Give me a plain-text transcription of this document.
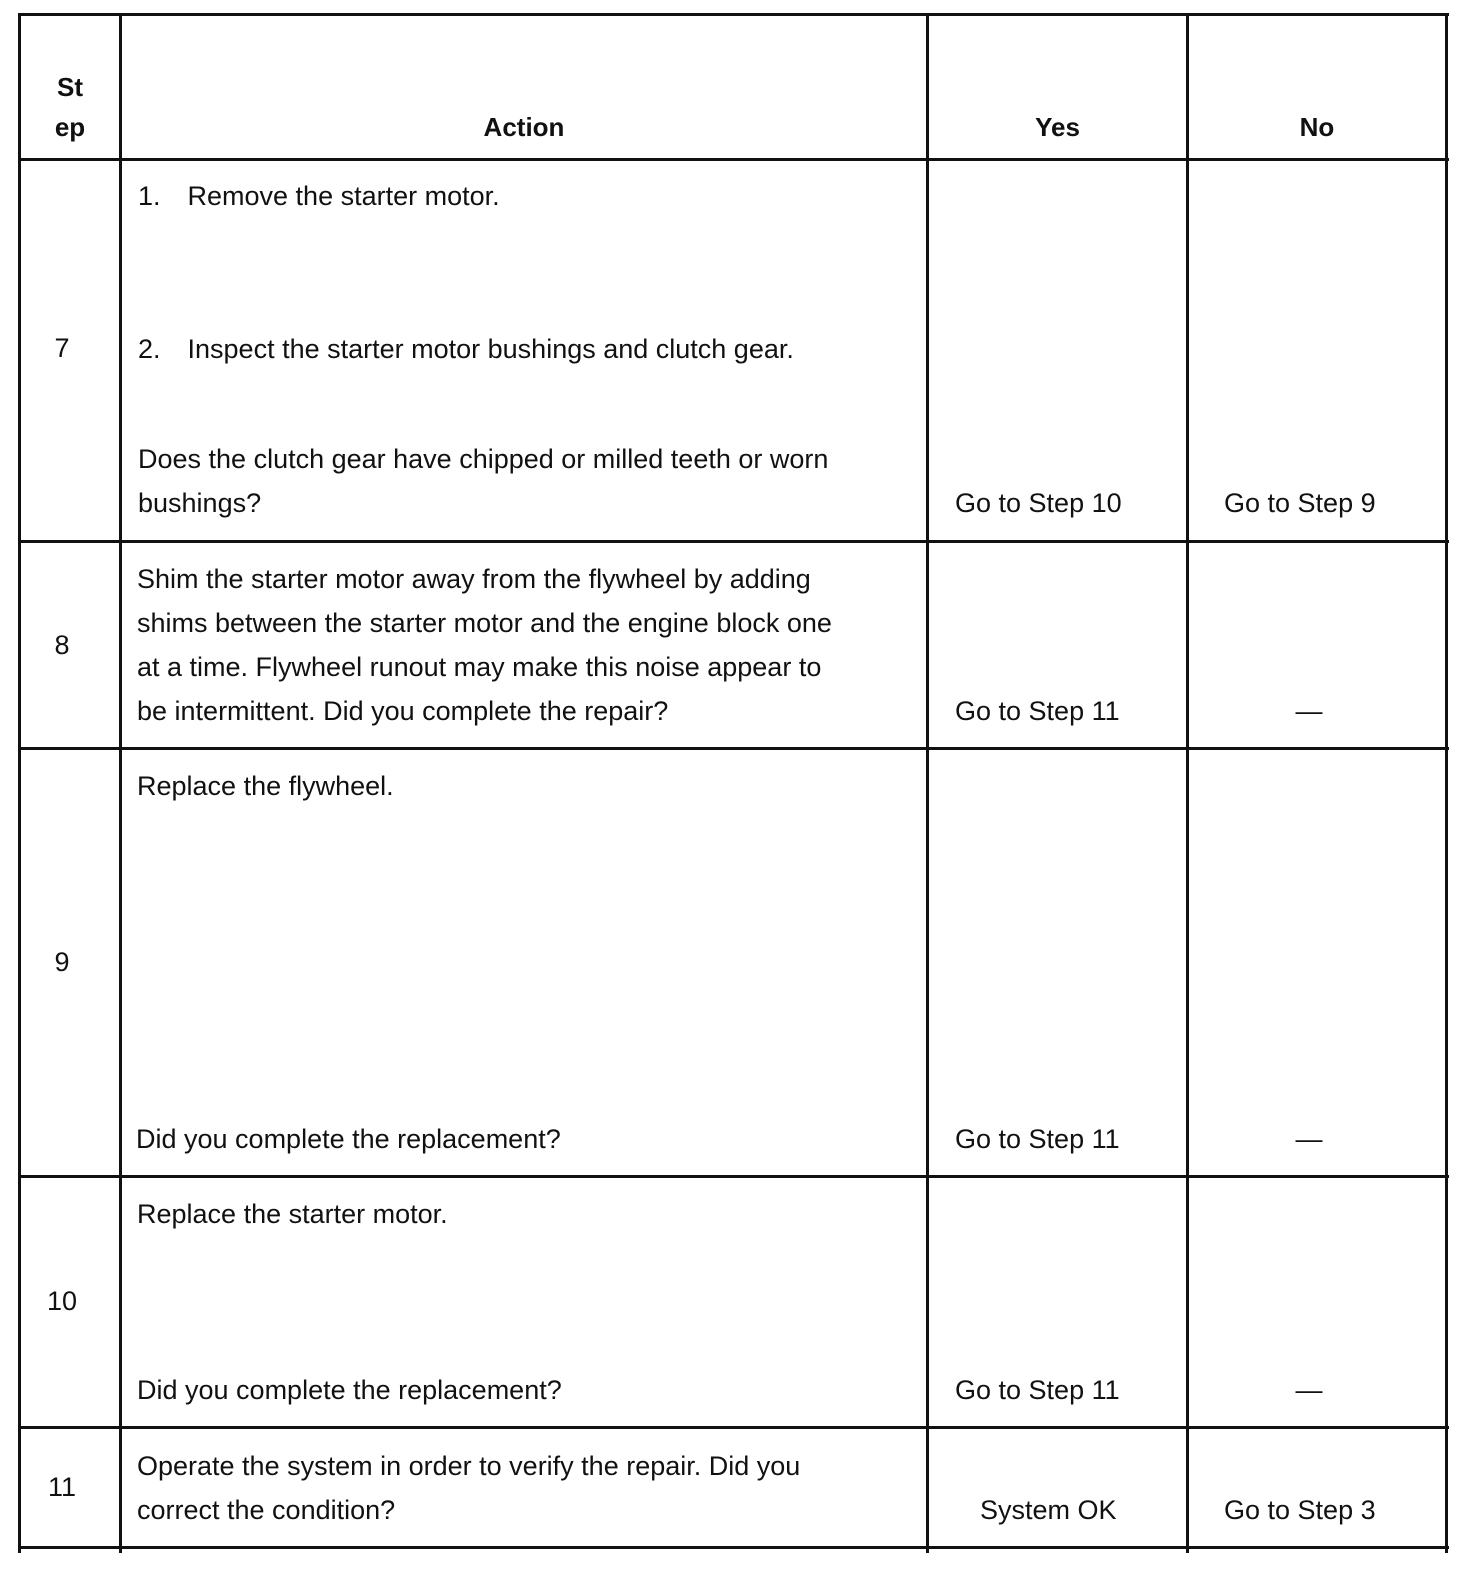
St
ep	Action	Yes	No
7
1. Remove the starter motor.
2. Inspect the starter motor bushings and clutch gear.
Does the clutch gear have chipped or milled teeth or worn
bushings?	Go to Step 10	Go to Step 9
8
Shim the starter motor away from the flywheel by adding
shims between the starter motor and the engine block one
at a time. Flywheel runout may make this noise appear to
be intermittent. Did you complete the repair?	Go to Step 11	—
9
Replace the flywheel.
Did you complete the replacement?	Go to Step 11	—
10
Replace the starter motor.
Did you complete the replacement?	Go to Step 11	—
11
Operate the system in order to verify the repair. Did you
correct the condition?	System OK	Go to Step 3
